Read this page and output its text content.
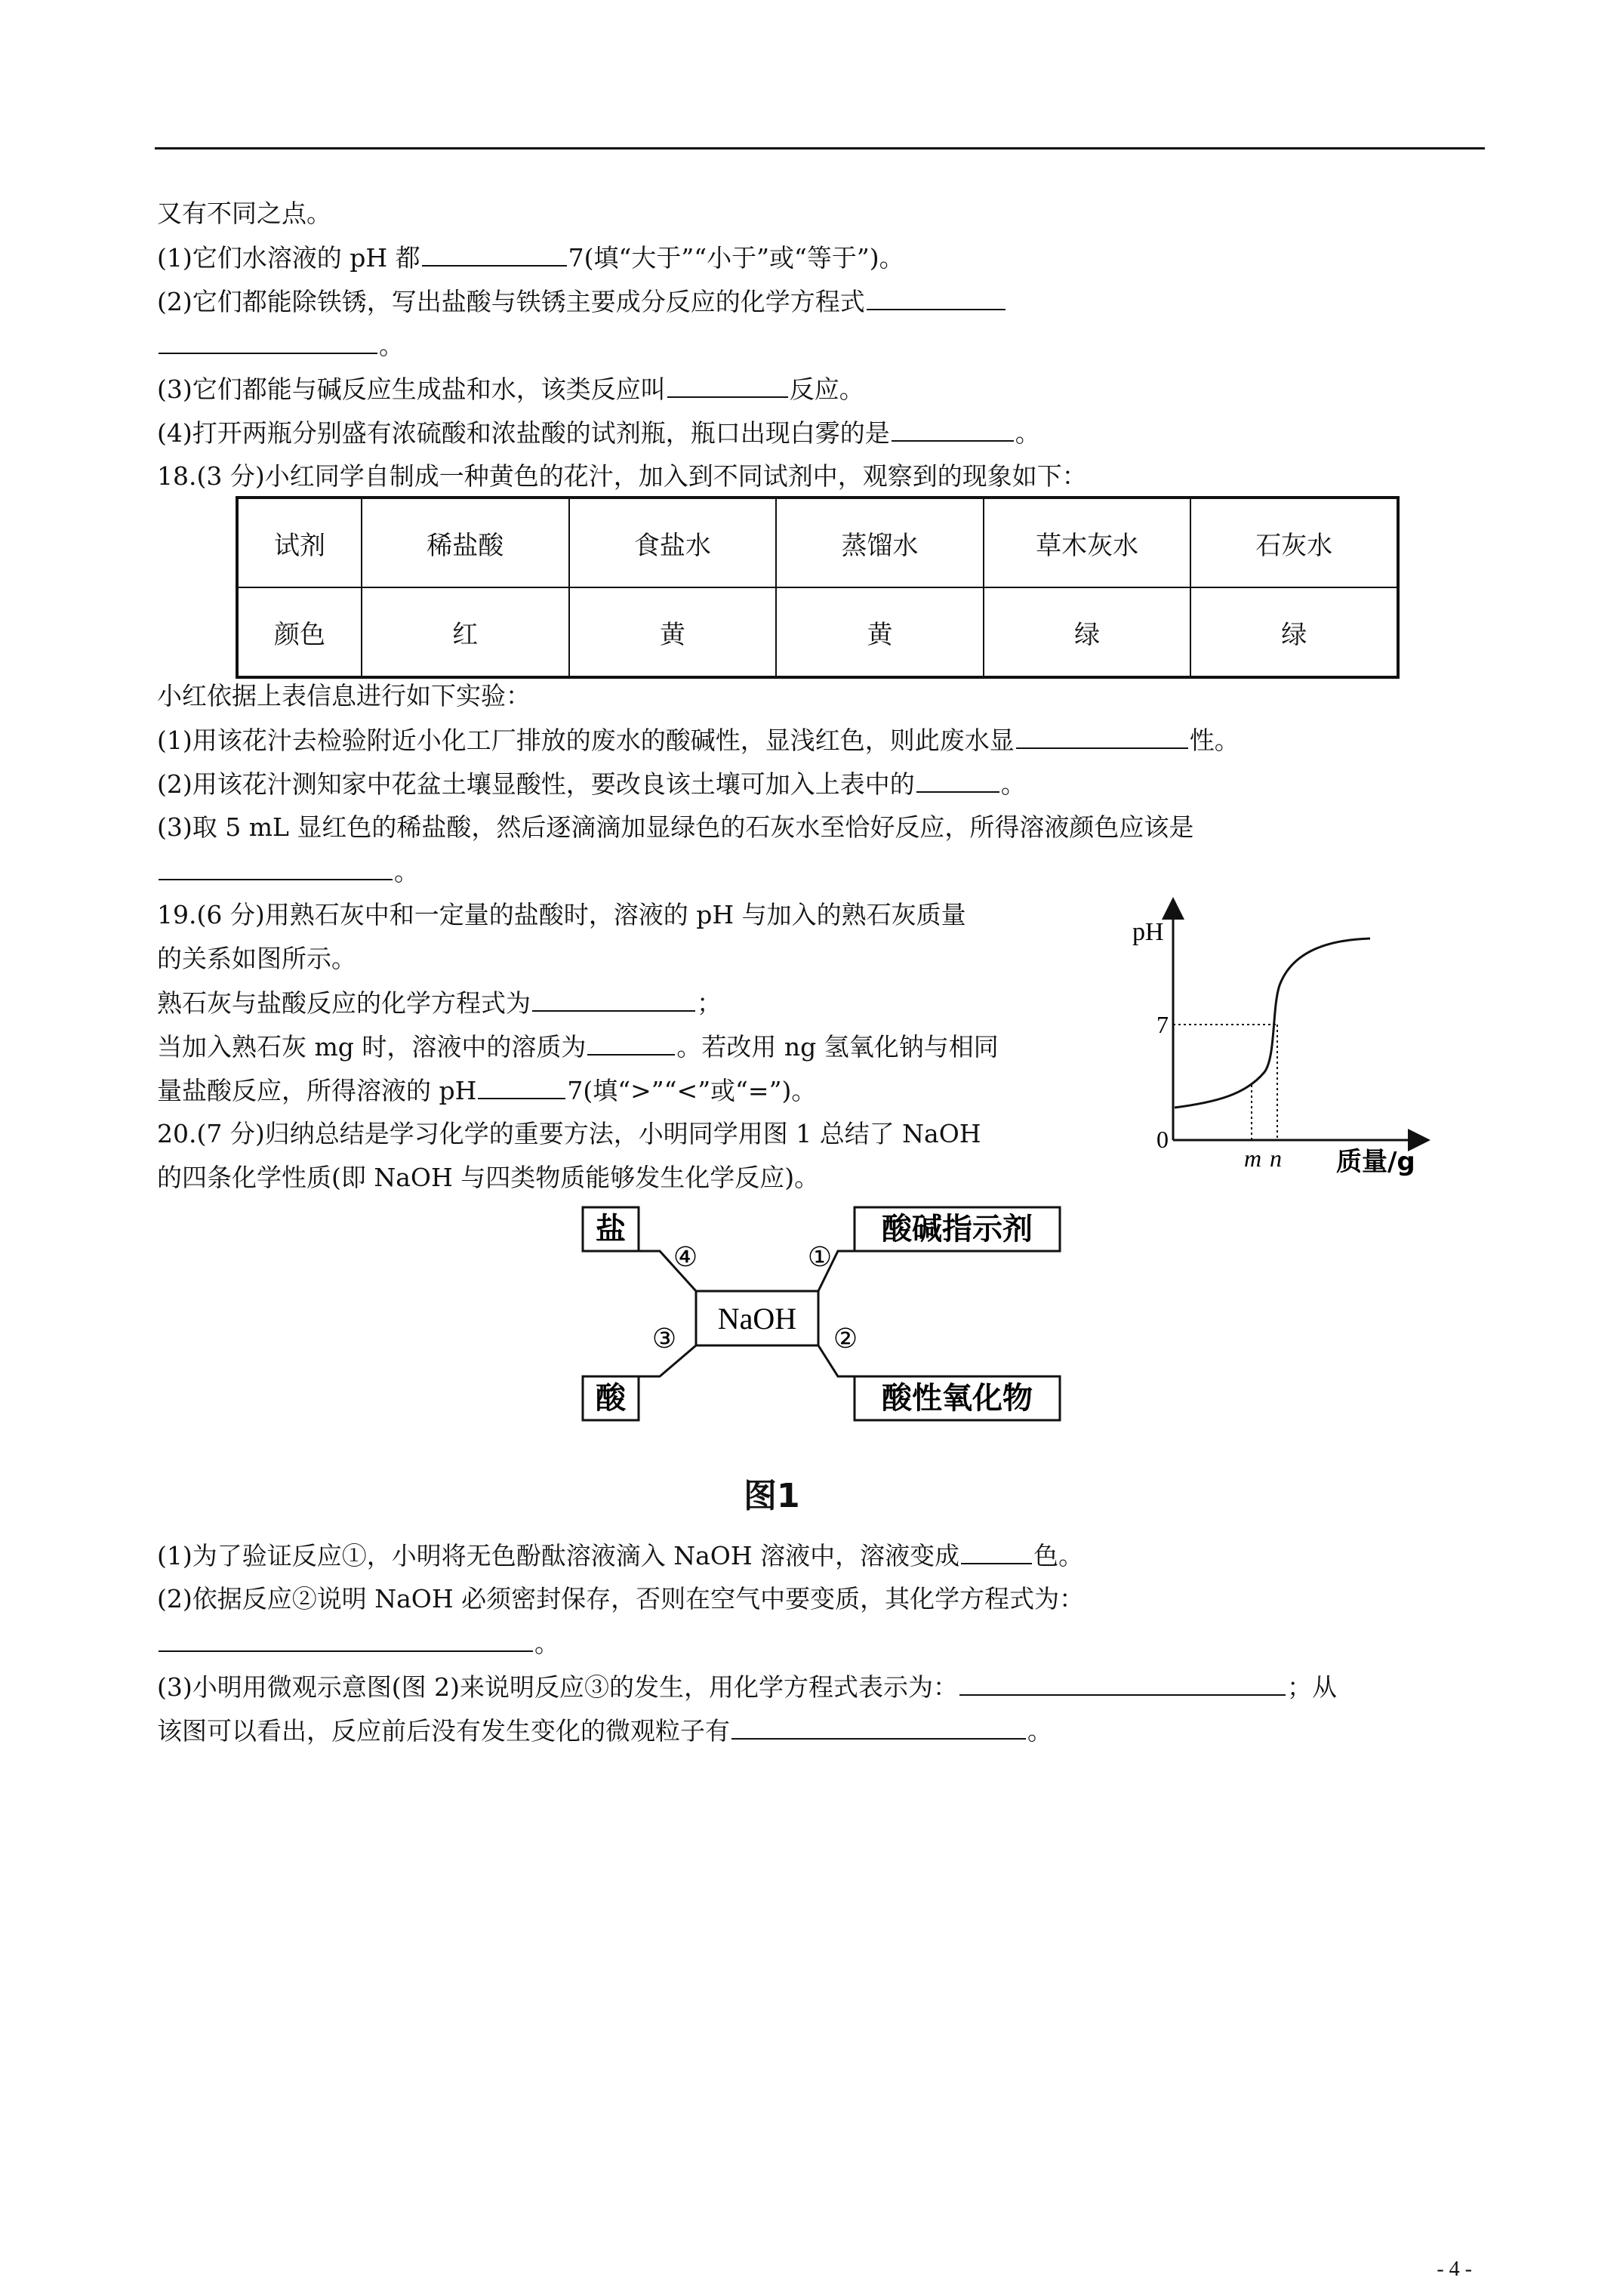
又有不同之点。
(1)它们水溶液的 pH 都	7(填“大于”“小于”或“等于”)。
(2)它们都能除铁锈，写出盐酸与铁锈主要成分反应的化学方程式
。
(3)它们都能与碱反应生成盐和水，该类反应叫	反应。
(4)打开两瓶分别盛有浓硫酸和浓盐酸的试剂瓶，瓶口出现白雾的是	。
18.(3 分)小红同学自制成一种黄色的花汁，加入到不同试剂中，观察到的现象如下：
试剂	稀盐酸	食盐水	蒸馏水	草木灰水	石灰水
颜色	红	黄	黄	绿	绿
小红依据上表信息进行如下实验：
(1)用该花汁去检验附近小化工厂排放的废水的酸碱性，显浅红色，则此废水显	性。
(2)用该花汁测知家中花盆土壤显酸性，要改良该土壤可加入上表中的	。
(3)取 5 mL 显红色的稀盐酸，然后逐滴滴加显绿色的石灰水至恰好反应，所得溶液颜色应该是
。
19.(6 分)用熟石灰中和一定量的盐酸时，溶液的 pH 与加入的熟石灰质量
的关系如图所示。
熟石灰与盐酸反应的化学方程式为	；
当加入熟石灰 mg 时，溶液中的溶质为	。若改用 ng 氢氧化钠与相同
量盐酸反应，所得溶液的 pH	7(填“>”“<”或“=”)。
20.(7 分)归纳总结是学习化学的重要方法，小明同学用图 1 总结了 NaOH
的四条化学性质(即 NaOH 与四类物质能够发生化学反应)。
pH
0
7
m n 质量/g
盐	酸碱指示剂
酸	酸性氧化物
NaOH
④	①
③	②
图1
(1)为了验证反应①，小明将无色酚酞溶液滴入 NaOH 溶液中，溶液变成	色。
(2)依据反应②说明 NaOH 必须密封保存，否则在空气中要变质，其化学方程式为：
。
(3)小明用微观示意图(图 2)来说明反应③的发生，用化学方程式表示为：	；从
该图可以看出，反应前后没有发生变化的微观粒子有	。
- 4 -
